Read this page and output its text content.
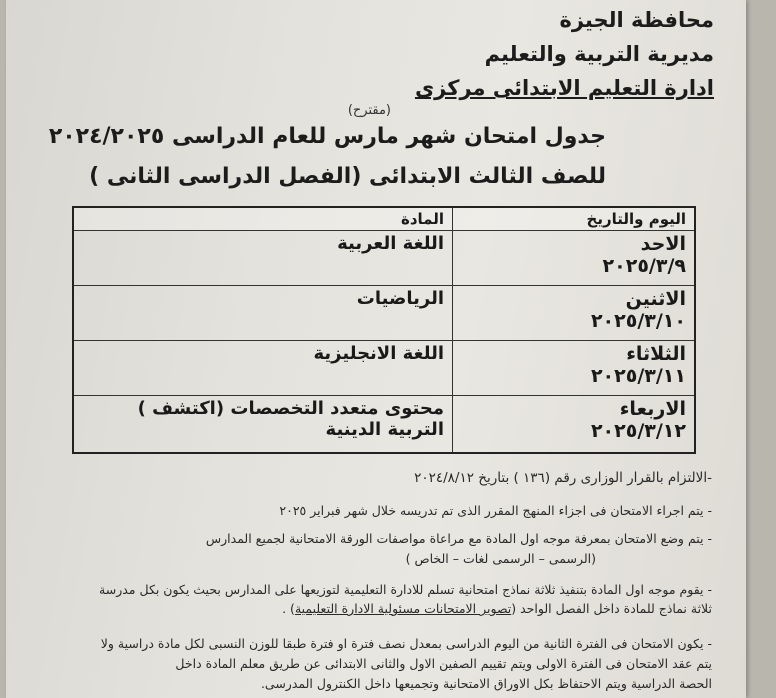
محافظة الجيزة
مديرية التربية والتعليم
ادارة التعليم الابتدائى مركزى
(مقترح)
جدول امتحان شهر مارس للعام الدراسى ٢٠٢٤/٢٠٢٥
للصف الثالث الابتدائى (الفصل الدراسى الثانى )
اليوم والتاريخ	المادة

الاحد
٢٠٢٥/٣/٩	اللغة العربية

الاثنين
٢٠٢٥/٣/١٠	الرياضيات

الثلاثاء
٢٠٢٥/٣/١١	اللغة الانجليزية

الاربعاء
٢٠٢٥/٣/١٢	محتوى متعدد التخصصات (اكتشف )
التربية الدينية
-الالتزام بالقرار الوزارى رقم (١٣٦ ) بتاريخ ٢٠٢٤/٨/١٢
- يتم اجراء الامتحان فى اجزاء المنهج المقرر الذى تم تدريسه خلال شهر فبراير ٢٠٢٥
- يتم وضع الامتحان بمعرفة موجه اول المادة مع مراعاة مواصفات الورقة الامتحانية لجميع المدارس
(الرسمى – الرسمى لغات – الخاص )
- يقوم موجه اول المادة بتنفيذ ثلاثة نماذج امتحانية تسلم للادارة التعليمية لتوزيعها على المدارس بحيث يكون بكل مدرسة
ثلاثة نماذج للمادة داخل الفصل الواحد (تصوير الامتحانات مسئولية الادارة التعليمية) .
- يكون الامتحان فى الفترة الثانية من اليوم الدراسى بمعدل نصف فترة او فترة طبقا للوزن النسبى لكل مادة دراسية ولا
يتم عقد الامتحان فى الفترة الاولى ويتم تقييم الصفين الاول والثانى الابتدائى عن طريق معلم المادة داخل
الحصة الدراسية ويتم الاحتفاظ بكل الاوراق الامتحانية وتجميعها داخل الكنترول المدرسى.
